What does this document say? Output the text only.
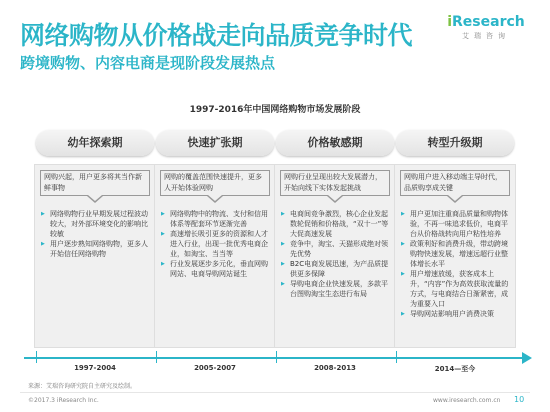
网络购物从价格战走向品质竞争时代
跨境购物、内容电商是现阶段发展热点
iResearch
艾瑞咨询
1997-2016年中国网络购物市场发展阶段
幼年探索期
网购兴起，用户更多将其当作新鲜事物
▶ 网络购物行业早期发展过程波动较大，对外部环境变化的影响比较敏
▶ 用户逐步熟知网络购物，更多人开始信任网络购物
快速扩张期
网购的覆盖范围快速提升，更多人开始体验网购
▶ 网络购物中的物流、支付和信用体系等配套环节逐渐完善
▶ 高速增长吸引更多的资源和人才进入行业，出现一批优秀电商企业，如淘宝、当当等
▶ 行业发展逐步多元化，垂直网购网站、电商导购网站诞生
价格敏感期
网购行业呈现出较大发展潜力，开始向线下实体发起挑战
▶ 电商间竞争激烈，核心企业发起数轮促销和价格战，“双十一”等大促高速发展
▶ 竞争中，淘宝、天猫形成绝对领先优势
▶ B2C电商发展迅速，为产品质提供更多保障
▶ 导购电商企业快速发展，多款平台图购淘宝生态进行布局
转型升级期
网购用户进入移动端主导时代，品质购享成关键
▶ 用户更加注重商品质量和购物体验，不再一味追求低价，电商平台从价格战转向用户粘性培养
▶ 政策利好和消费升级，带动跨境购物快速发展，增速远超行业整体增长水平
▶ 用户增速放缓，获客成本上升，“内容”作为高效获取流量的方式，与电商结合日渐紧密，成为重要入口
▶ 导购网站影响用户消费决策
1997-2004	2005-2007	2008-2013	2014—至今
来源：艾瑞咨询研究院自主研究及绘制。
©2017.3 iResearch Inc.	www.iresearch.com.cn 10
